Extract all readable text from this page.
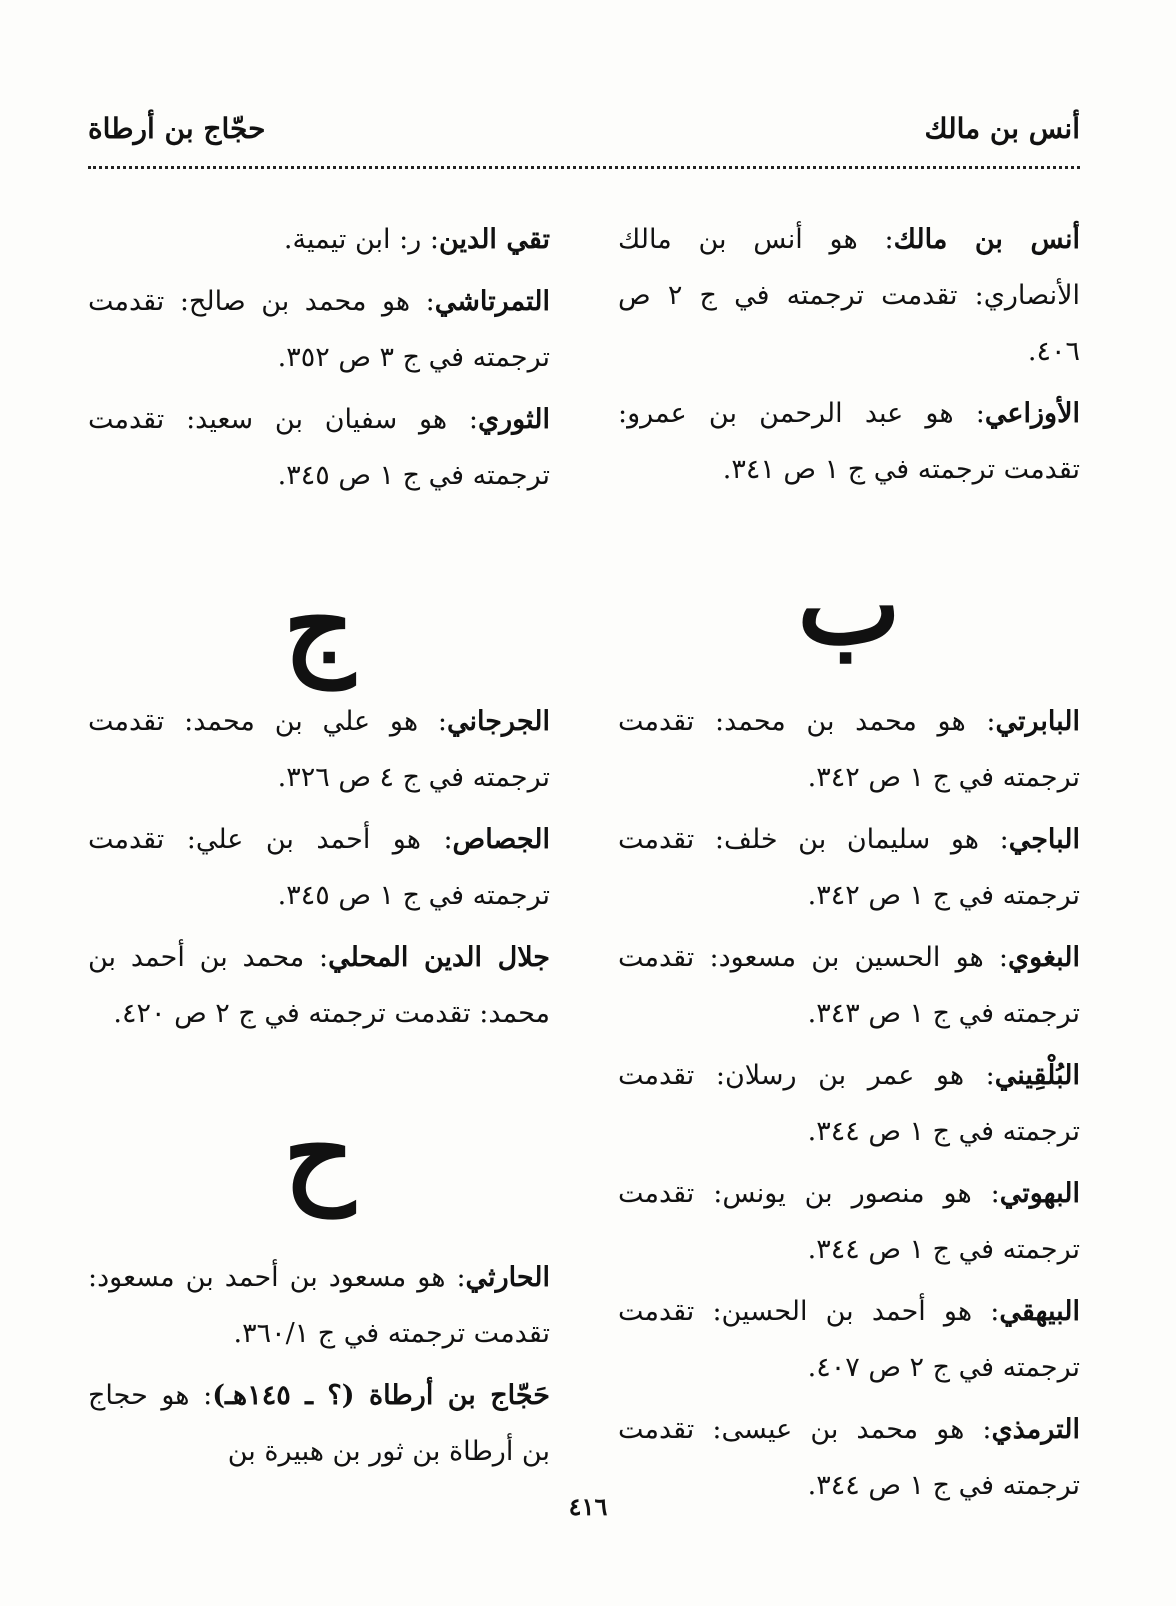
أنس بن مالك
حجّاج بن أرطاة

أنس بن مالك: هو أنس بن مالك الأنصاري: تقدمت ترجمته في ج ٢ ص ٤٠٦.

الأوزاعي: هو عبد الرحمن بن عمرو: تقدمت ترجمته في ج ١ ص ٣٤١.

ب

البابرتي: هو محمد بن محمد: تقدمت ترجمته في ج ١ ص ٣٤٢.

الباجي: هو سليمان بن خلف: تقدمت ترجمته في ج ١ ص ٣٤٢.

البغوي: هو الحسين بن مسعود: تقدمت ترجمته في ج ١ ص ٣٤٣.

البُلْقِيني: هو عمر بن رسلان: تقدمت ترجمته في ج ١ ص ٣٤٤.

البهوتي: هو منصور بن يونس: تقدمت ترجمته في ج ١ ص ٣٤٤.

البيهقي: هو أحمد بن الحسين: تقدمت ترجمته في ج ٢ ص ٤٠٧.

الترمذي: هو محمد بن عيسى: تقدمت ترجمته في ج ١ ص ٣٤٤.

تقي الدين: ر: ابن تيمية.

التمرتاشي: هو محمد بن صالح: تقدمت ترجمته في ج ٣ ص ٣٥٢.

الثوري: هو سفيان بن سعيد: تقدمت ترجمته في ج ١ ص ٣٤٥.

ج

الجرجاني: هو علي بن محمد: تقدمت ترجمته في ج ٤ ص ٣٢٦.

الجصاص: هو أحمد بن علي: تقدمت ترجمته في ج ١ ص ٣٤٥.

جلال الدين المحلي: محمد بن أحمد بن محمد: تقدمت ترجمته في ج ٢ ص ٤٢٠.

ح

الحارثي: هو مسعود بن أحمد بن مسعود: تقدمت ترجمته في ج ٣٦٠/١.

حَجّاج بن أرطاة (؟ ـ ١٤٥هـ): هو حجاج بن أرطاة بن ثور بن هبيرة بن

٤١٦
